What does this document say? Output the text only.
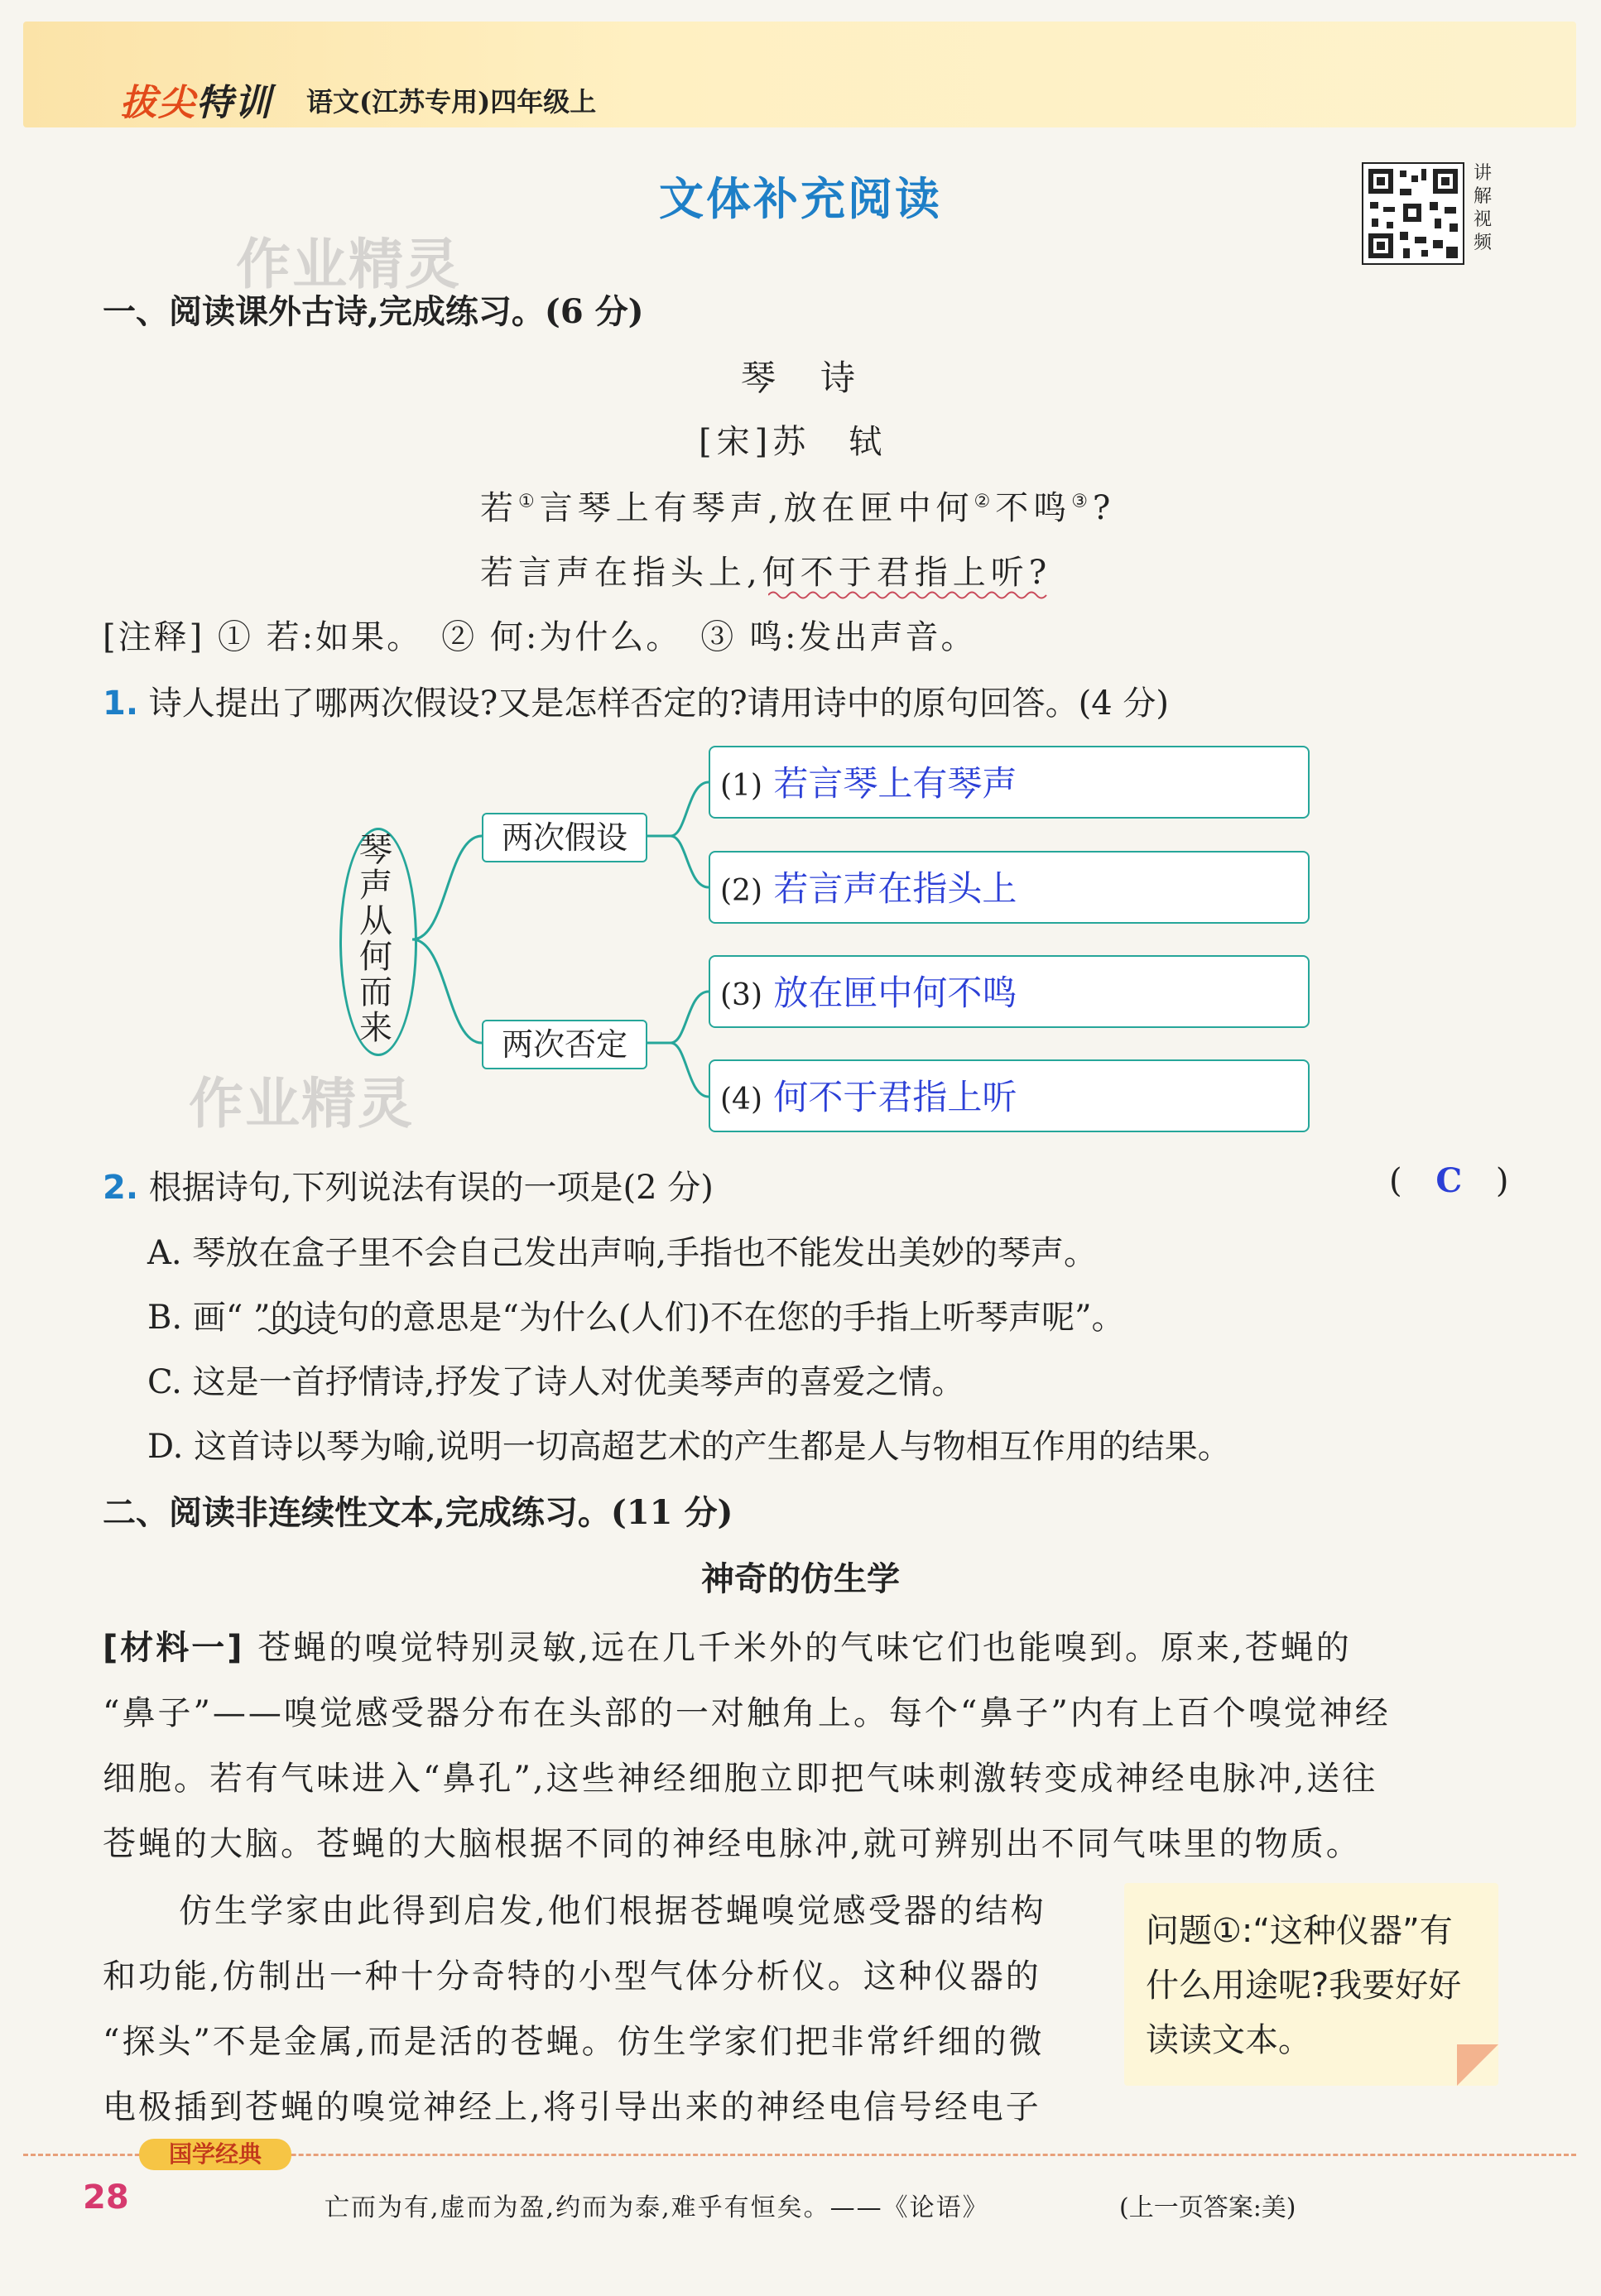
拔尖特训 语文(江苏专用)四年级上
文体补充阅读	讲
解
视
频
作业精灵
作业精灵
一、阅读课外古诗,完成练习。(6 分)
琴　诗
[宋]苏　轼
若①言琴上有琴声,放在匣中何②不鸣③?
若言声在指头上,何不于君指上听?
[注释] ① 若:如果。　② 何:为什么。　③ 鸣:发出声音。
1. 诗人提出了哪两次假设?又是怎样否定的?请用诗中的原句回答。(4 分)
琴声从何而来
两次假设
两次否定
(1) 若言琴上有琴声
(2) 若言声在指头上
(3) 放在匣中何不鸣
(4) 何不于君指上听
2. 根据诗句,下列说法有误的一项是(2 分)	( C )
A. 琴放在盒子里不会自己发出声响,手指也不能发出美妙的琴声。
B. 画“ ”的诗句的意思是“为什么(人们)不在您的手指上听琴声呢”。
C. 这是一首抒情诗,抒发了诗人对优美琴声的喜爱之情。
D. 这首诗以琴为喻,说明一切高超艺术的产生都是人与物相互作用的结果。
二、阅读非连续性文本,完成练习。(11 分)
神奇的仿生学
[材料一] 苍蝇的嗅觉特别灵敏,远在几千米外的气味它们也能嗅到。原来,苍蝇的
“鼻子”——嗅觉感受器分布在头部的一对触角上。每个“鼻子”内有上百个嗅觉神经
细胞。若有气味进入“鼻孔”,这些神经细胞立即把气味刺激转变成神经电脉冲,送往
苍蝇的大脑。苍蝇的大脑根据不同的神经电脉冲,就可辨别出不同气味里的物质。
仿生学家由此得到启发,他们根据苍蝇嗅觉感受器的结构
和功能,仿制出一种十分奇特的小型气体分析仪。这种仪器的
“探头”不是金属,而是活的苍蝇。仿生学家们把非常纤细的微
电极插到苍蝇的嗅觉神经上,将引导出来的神经电信号经电子
问题①:“这种仪器”有什么用途呢?我要好好读读文本。
国学经典
28	亡而为有,虚而为盈,约而为泰,难乎有恒矣。——《论语》	(上一页答案:美)
